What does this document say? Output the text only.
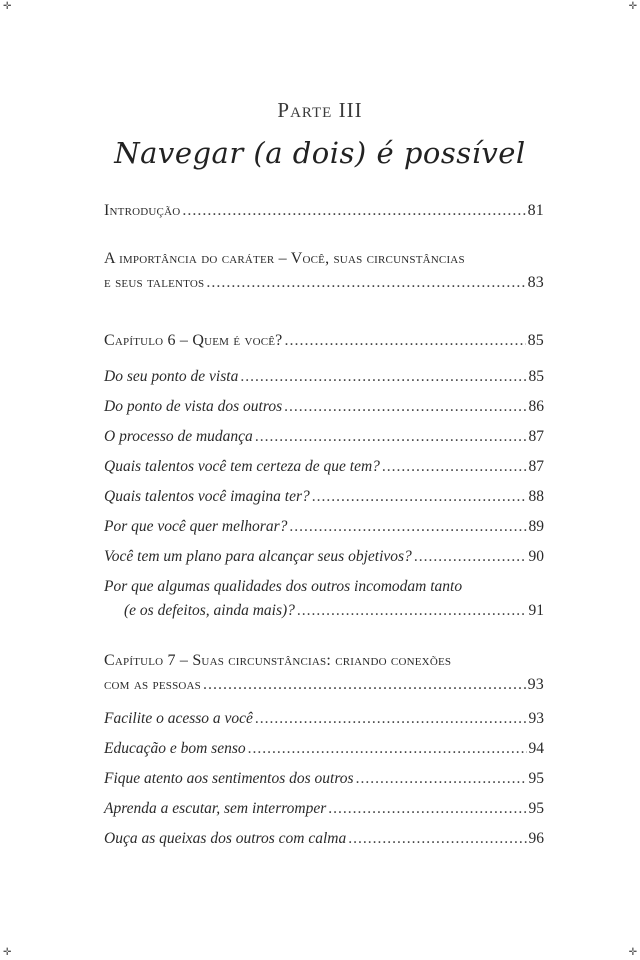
✛	✛
✛	✛
Parte III
Navegar (a dois) é possível
Introdução .....	81
A importância do caráter – Você, suas circunstâncias
e seus talentos .....	83
Capítulo 6 – Quem é você? .....	85
Do seu ponto de vista .....	85
Do ponto de vista dos outros .....	86
O processo de mudança .....	87
Quais talentos você tem certeza de que tem? .....	87
Quais talentos você imagina ter? .....	88
Por que você quer melhorar? .....	89
Você tem um plano para alcançar seus objetivos? .....	90
Por que algumas qualidades dos outros incomodam tanto
(e os defeitos, ainda mais)? .....	91
Capítulo 7 – Suas circunstâncias: criando conexões
com as pessoas .....	93
Facilite o acesso a você .....	93
Educação e bom senso .....	94
Fique atento aos sentimentos dos outros .....	95
Aprenda a escutar, sem interromper .....	95
Ouça as queixas dos outros com calma .....	96
